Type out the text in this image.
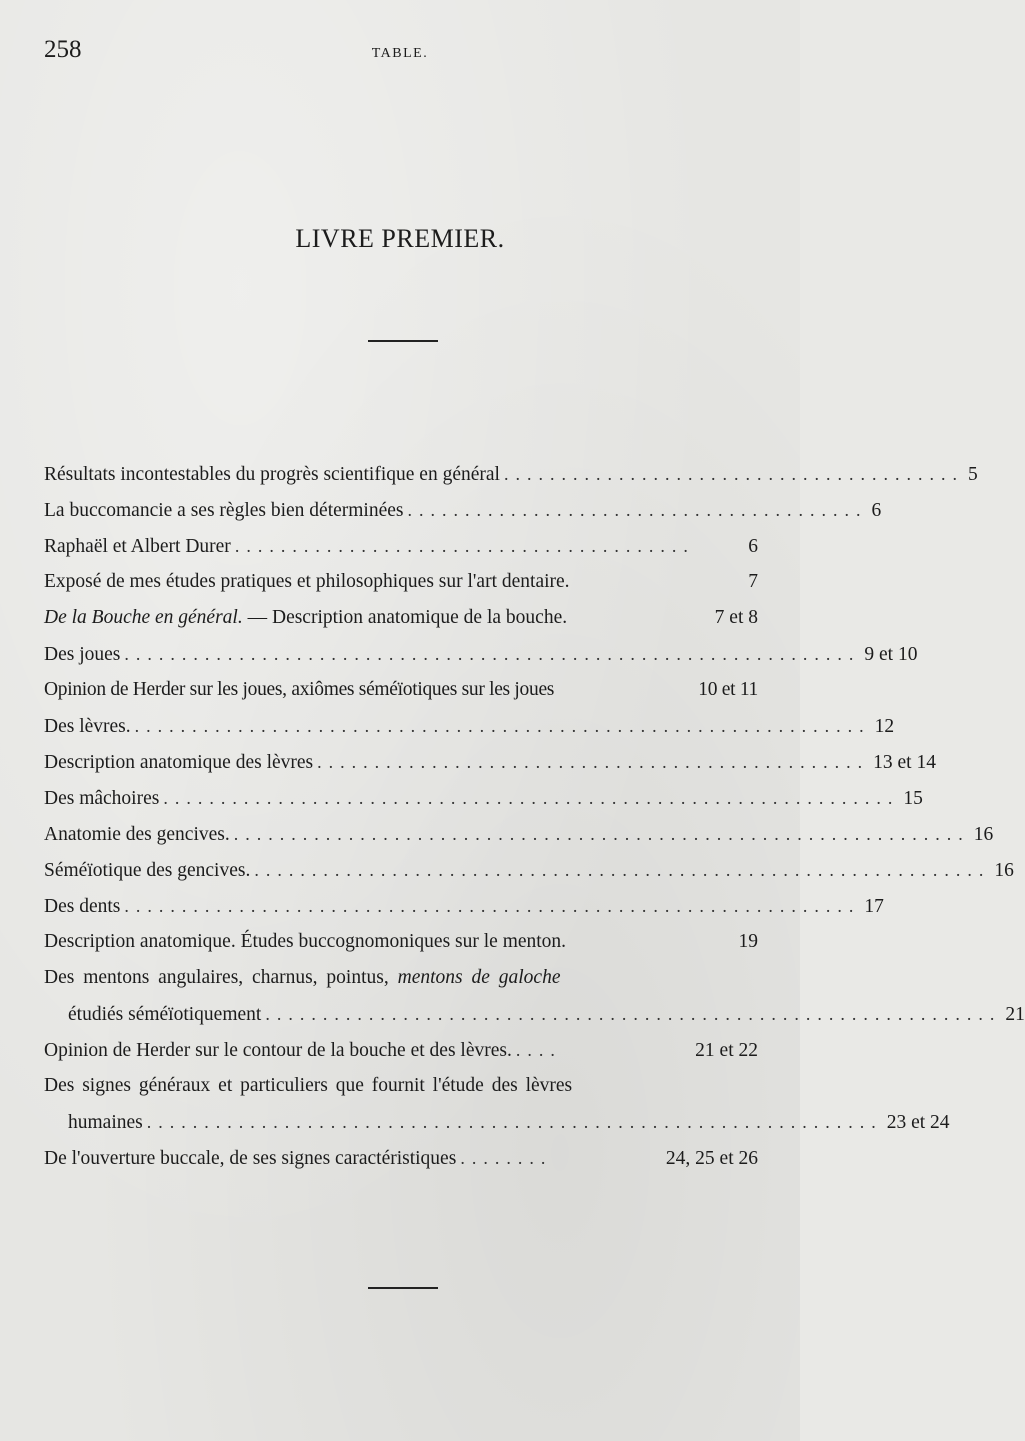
258	TABLE.
LIVRE PREMIER.
Résultats incontestables du progrès scientifique en général ........................................ 5
La buccomancie a ses règles bien déterminées ........................................ 6
Raphaël et Albert Durer ........................................	6
Exposé de mes études pratiques et philosophiques sur l'art dentaire.	7
De la Bouche en général. — Description anatomique de la bouche.	7 et 8
Des joues ................................................................ 9 et 10
Opinion de Herder sur les joues, axiômes séméïotiques sur les joues	10 et 11
Des lèvres. ................................................................ 12
Description anatomique des lèvres ................................................ 13 et 14
Des mâchoires ................................................................ 15
Anatomie des gencives. ................................................................ 16
Séméïotique des gencives. ................................................................ 16
Des dents ................................................................ 17
Description anatomique. Études buccognomoniques sur le menton.	19
Des mentons angulaires, charnus, pointus, mentons de galoche
étudiés séméïotiquement ................................................................ 21
Opinion de Herder sur le contour de la bouche et des lèvres. ....	21 et 22
Des signes généraux et particuliers que fournit l'étude des lèvres
humaines ................................................................ 23 et 24
De l'ouverture buccale, de ses signes caractéristiques ........	24, 25 et 26
